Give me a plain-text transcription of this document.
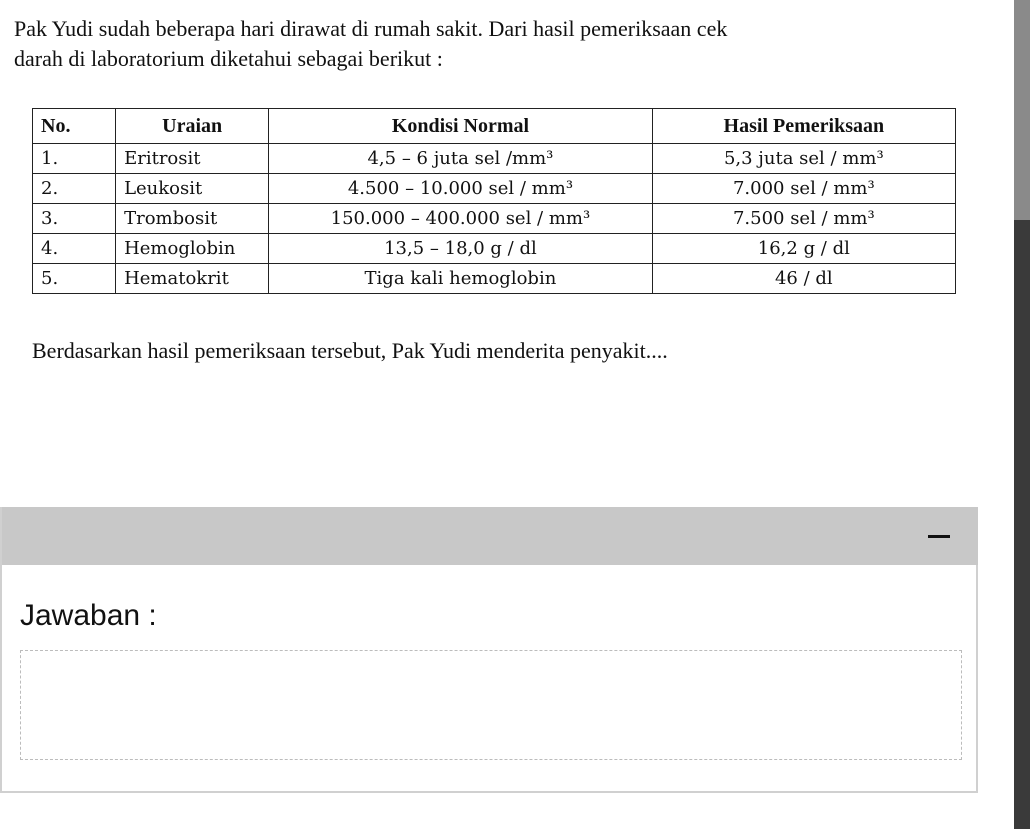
Pak Yudi sudah beberapa hari dirawat di rumah sakit. Dari hasil pemeriksaan cek
darah di laboratorium diketahui sebagai berikut :
No.	Uraian	Kondisi Normal	Hasil Pemeriksaan
1.	Eritrosit	4,5 – 6 juta sel /mm³	5,3 juta sel / mm³
2.	Leukosit	4.500 – 10.000 sel / mm³	7.000 sel / mm³
3.	Trombosit	150.000 – 400.000 sel / mm³	7.500 sel / mm³
4.	Hemoglobin	13,5 – 18,0 g / dl	16,2 g / dl
5.	Hematokrit	Tiga kali hemoglobin	46 / dl
Berdasarkan hasil pemeriksaan tersebut, Pak Yudi menderita penyakit....
Jawaban :
